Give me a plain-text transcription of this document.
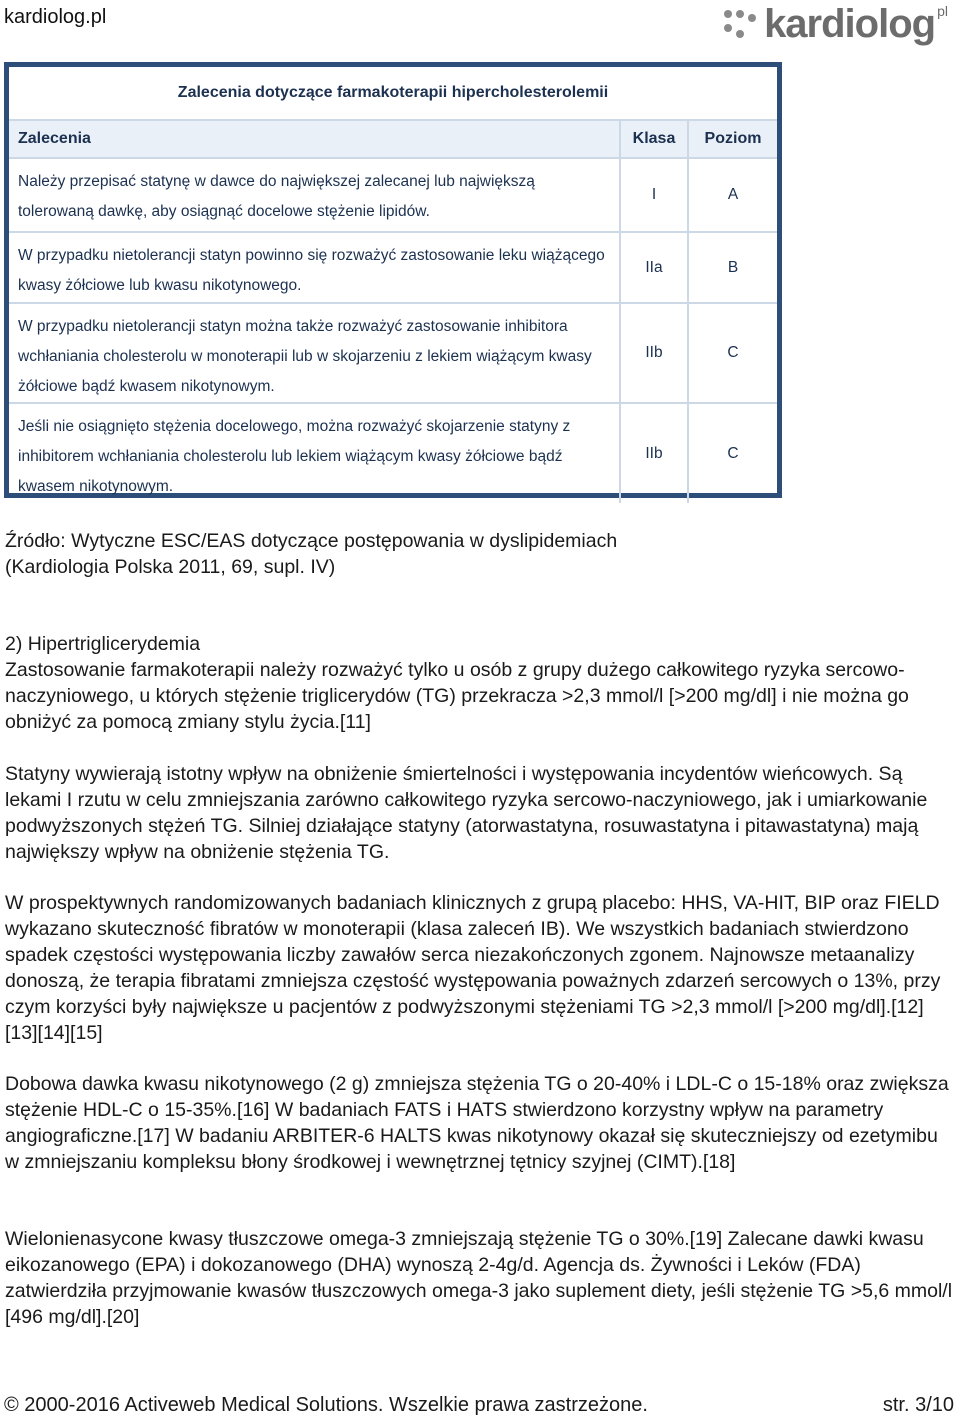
kardiolog.pl	kardiolog pl
Zalecenia dotyczące farmakoterapii hipercholesterolemii
Zalecenia	Klasa	Poziom
Należy przepisać statynę w dawce do największej zalecanej lub największą tolerowaną dawkę, aby osiągnąć docelowe stężenie lipidów.
I	A
W przypadku nietolerancji statyn powinno się rozważyć zastosowanie leku wiążącego kwasy żółciowe lub kwasu nikotynowego.
IIa	B
W przypadku nietolerancji statyn można także rozważyć zastosowanie inhibitora wchłaniania cholesterolu w monoterapii lub w skojarzeniu z lekiem wiążącym kwasy żółciowe bądź kwasem nikotynowym.
IIb	C
Jeśli nie osiągnięto stężenia docelowego, można rozważyć skojarzenie statyny z inhibitorem wchłaniania cholesterolu lub lekiem wiążącym kwasy żółciowe bądź kwasem nikotynowym.
IIb	C

Źródło: Wytyczne ESC/EAS dotyczące postępowania w dyslipidemiach (Kardiologia Polska 2011, 69, supl. IV)

2) Hipertriglicerydemia

Zastosowanie farmakoterapii należy rozważyć tylko u osób z grupy dużego całkowitego ryzyka sercowo-naczyniowego, u których stężenie triglicerydów (TG) przekracza >2,3 mmol/l [>200 mg/dl] i nie można go obniżyć za pomocą zmiany stylu życia.[11]

Statyny wywierają istotny wpływ na obniżenie śmiertelności i występowania incydentów wieńcowych. Są lekami I rzutu w celu zmniejszania zarówno całkowitego ryzyka sercowo-naczyniowego, jak i umiarkowanie podwyższonych stężeń TG. Silniej działające statyny (atorwastatyna, rosuwastatyna i pitawastatyna) mają największy wpływ na obniżenie stężenia TG.

W prospektywnych randomizowanych badaniach klinicznych z grupą placebo: HHS, VA-HIT, BIP oraz FIELD wykazano skuteczność fibratów w monoterapii (klasa zaleceń IB). We wszystkich badaniach stwierdzono spadek częstości występowania liczby zawałów serca niezakończonych zgonem. Najnowsze metaanalizy donoszą, że terapia fibratami zmniejsza częstość występowania poważnych zdarzeń sercowych o 13%, przy czym korzyści były największe u pacjentów z podwyższonymi stężeniami TG >2,3 mmol/l [>200 mg/dl].[12][13][14][15]

Dobowa dawka kwasu nikotynowego (2 g) zmniejsza stężenia TG o 20-40% i LDL-C o 15-18% oraz zwiększa stężenie HDL-C o 15-35%.[16] W badaniach FATS i HATS stwierdzono korzystny wpływ na parametry angiograficzne.[17] W badaniu ARBITER-6 HALTS kwas nikotynowy okazał się skuteczniejszy od ezetymibu w zmniejszaniu kompleksu błony środkowej i wewnętrznej tętnicy szyjnej (CIMT).[18]

Wielonienasycone kwasy tłuszczowe omega-3 zmniejszają stężenie TG o 30%.[19] Zalecane dawki kwasu eikozanowego (EPA) i dokozanowego (DHA) wynoszą 2-4g/d. Agencja ds. Żywności i Leków (FDA) zatwierdziła przyjmowanie kwasów tłuszczowych omega-3 jako suplement diety, jeśli stężenie TG >5,6 mmol/l [496 mg/dl].[20]

© 2000-2016 Activeweb Medical Solutions. Wszelkie prawa zastrzeżone.	str. 3/10
